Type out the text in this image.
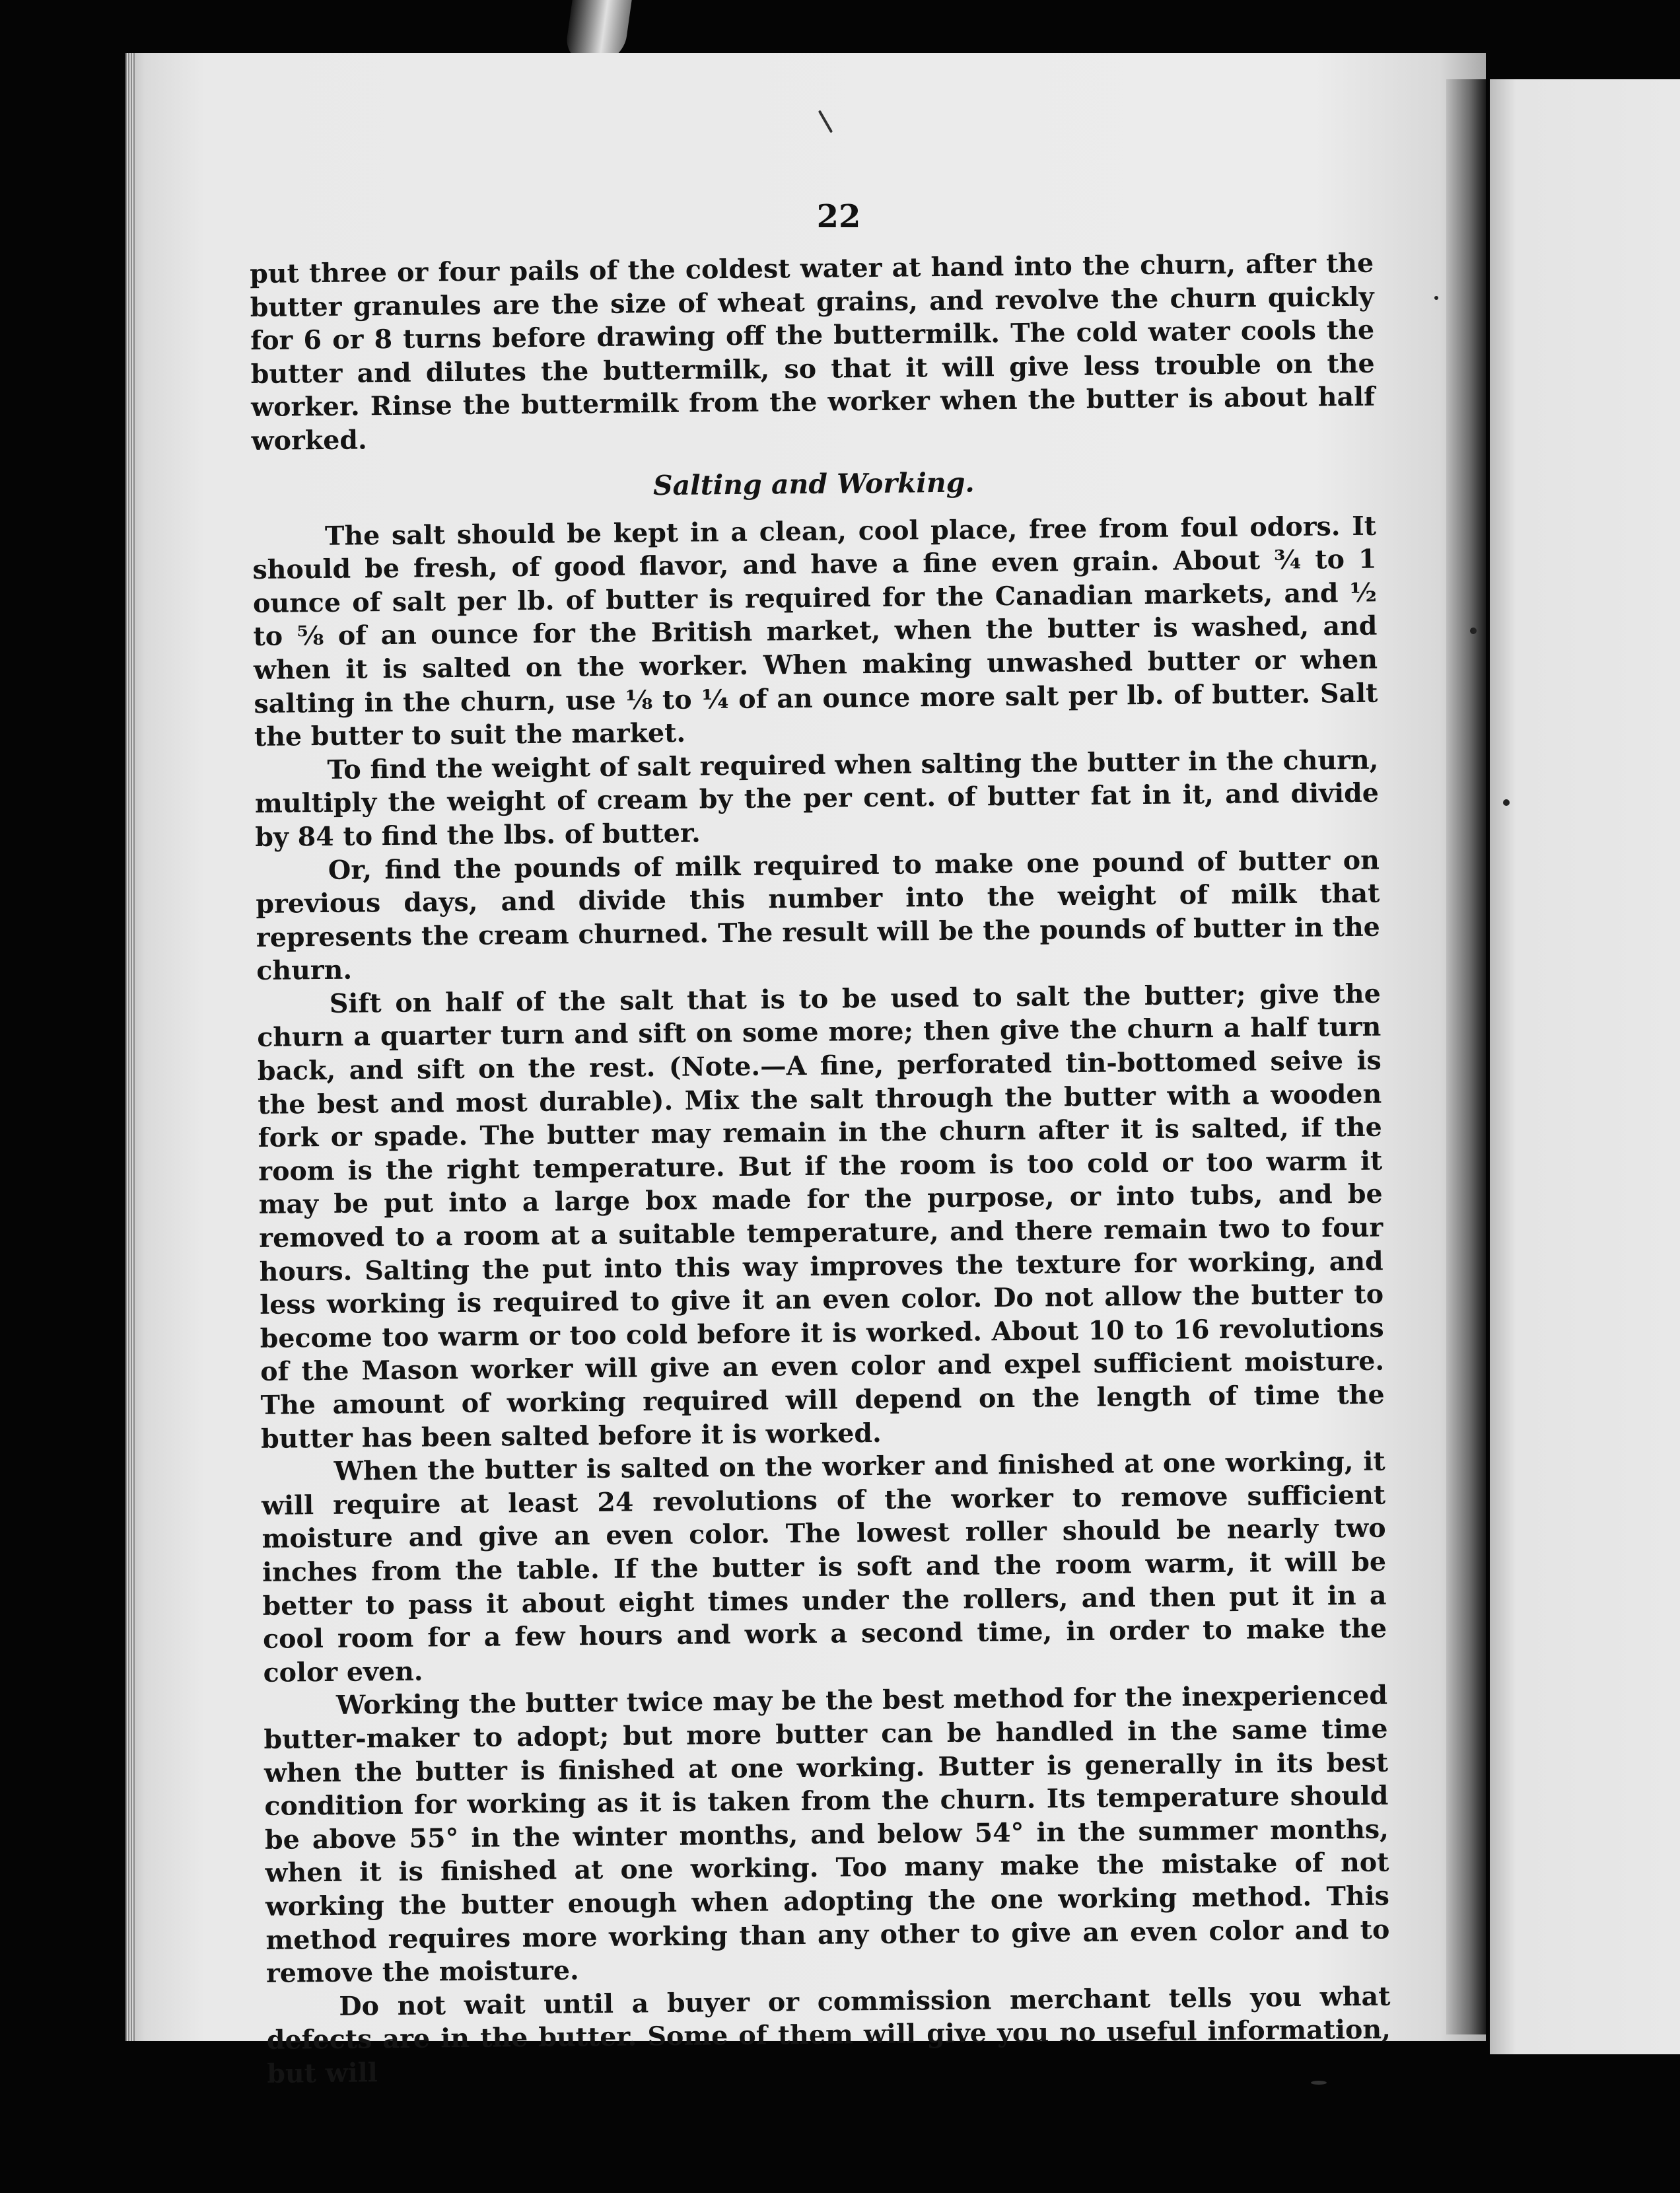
22

put three or four pails of the coldest water at hand into the churn, after the butter granules are the size of wheat grains, and revolve the churn quickly for 6 or 8 turns before drawing off the buttermilk. The cold water cools the butter and dilutes the buttermilk, so that it will give less trouble on the worker. Rinse the buttermilk from the worker when the butter is about half worked.

Salting and Working.

The salt should be kept in a clean, cool place, free from foul odors. It should be fresh, of good flavor, and have a fine even grain. About ¾ to 1 ounce of salt per lb. of butter is required for the Canadian markets, and ½ to ⅝ of an ounce for the British market, when the butter is washed, and when it is salted on the worker. When making unwashed butter or when salting in the churn, use ⅛ to ¼ of an ounce more salt per lb. of butter. Salt the butter to suit the market.

To find the weight of salt required when salting the butter in the churn, multiply the weight of cream by the per cent. of butter fat in it, and divide by 84 to find the lbs. of butter.

Or, find the pounds of milk required to make one pound of butter on previous days, and divide this number into the weight of milk that represents the cream churned. The result will be the pounds of butter in the churn.

Sift on half of the salt that is to be used to salt the butter; give the churn a quarter turn and sift on some more; then give the churn a half turn back, and sift on the rest. (Note.—A fine, perforated tin-bottomed seive is the best and most durable). Mix the salt through the butter with a wooden fork or spade. The butter may remain in the churn after it is salted, if the room is the right temperature. But if the room is too cold or too warm it may be put into a large box made for the purpose, or into tubs, and be removed to a room at a suitable temperature, and there remain two to four hours. Salting the put into this way improves the texture for working, and less working is required to give it an even color. Do not allow the butter to become too warm or too cold before it is worked. About 10 to 16 revolutions of the Mason worker will give an even color and expel sufficient moisture. The amount of working required will depend on the length of time the butter has been salted before it is worked.

When the butter is salted on the worker and finished at one working, it will require at least 24 revolutions of the worker to remove sufficient moisture and give an even color. The lowest roller should be nearly two inches from the table. If the butter is soft and the room warm, it will be better to pass it about eight times under the rollers, and then put it in a cool room for a few hours and work a second time, in order to make the color even.

Working the butter twice may be the best method for the inexperienced butter-maker to adopt; but more butter can be handled in the same time when the butter is finished at one working. Butter is generally in its best condition for working as it is taken from the churn. Its temperature should be above 55° in the winter months, and below 54° in the summer months, when it is finished at one working. Too many make the mistake of not working the butter enough when adopting the one working method. This method requires more working than any other to give an even color and to remove the moisture.

Do not wait until a buyer or commission merchant tells you what defects are in the butter. Some of them will give you no useful information, but will
